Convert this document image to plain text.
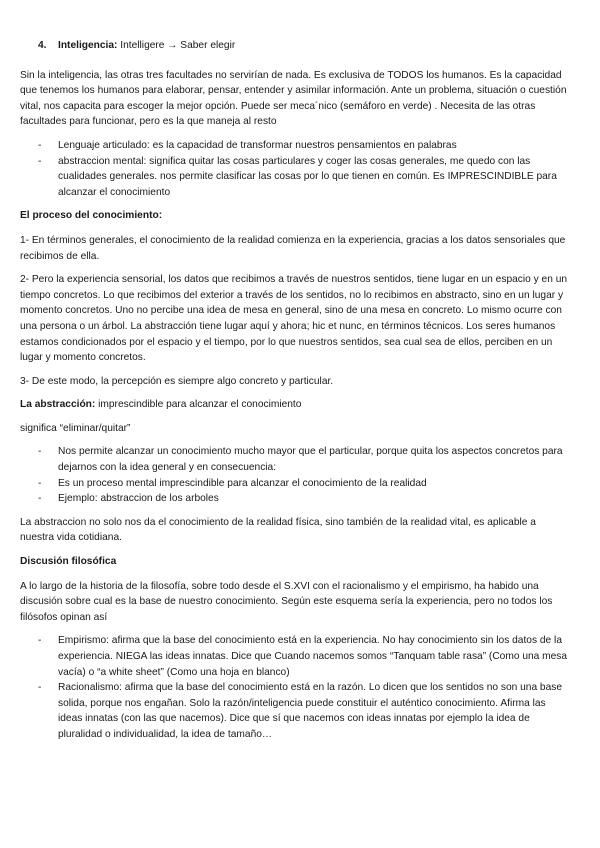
4. Inteligencia: Intelligere → Saber elegir

Sin la inteligencia, las otras tres facultades no servirían de nada. Es exclusiva de TODOS los humanos. Es la capacidad que tenemos los humanos para elaborar, pensar, entender y asimilar información. Ante un problema, situación o cuestión vital, nos capacita para escoger la mejor opción. Puede ser meca´nico (semáforo en verde) . Necesita de las otras facultades para funcionar, pero es la que maneja al resto

- Lenguaje articulado: es la capacidad de transformar nuestros pensamientos en palabras
- abstraccion mental: significa quitar las cosas particulares y coger las cosas generales, me quedo con las cualidades generales. nos permite clasificar las cosas por lo que tienen en común. Es IMPRESCINDIBLE para alcanzar el conocimiento

El proceso del conocimiento:

1- En términos generales, el conocimiento de la realidad comienza en la experiencia, gracias a los datos sensoriales que recibimos de ella.

2- Pero la experiencia sensorial, los datos que recibimos a través de nuestros sentidos, tiene lugar en un espacio y en un tiempo concretos. Lo que recibimos del exterior a través de los sentidos, no lo recibimos en abstracto, sino en un lugar y momento concretos. Uno no percibe una idea de mesa en general, sino de una mesa en concreto. Lo mismo ocurre con una persona o un árbol. La abstracción tiene lugar aquí y ahora; hic et nunc, en términos técnicos. Los seres humanos estamos condicionados por el espacio y el tiempo, por lo que nuestros sentidos, sea cual sea de ellos, perciben en un lugar y momento concretos.

3- De este modo, la percepción es siempre algo concreto y particular.

La abstracción: imprescindible para alcanzar el conocimiento

significa “eliminar/quitar”

- Nos permite alcanzar un conocimiento mucho mayor que el particular, porque quita los aspectos concretos para dejarnos con la idea general y en consecuencia:
- Es un proceso mental imprescindible para alcanzar el conocimiento de la realidad
- Ejemplo: abstraccion de los arboles

La abstraccion no solo nos da el conocimiento de la realidad física, sino también de la realidad vital, es aplicable a nuestra vida cotidiana.

Discusión filosófica

A lo largo de la historia de la filosofía, sobre todo desde el S.XVI con el racionalismo y el empirismo, ha habido una discusión sobre cual es la base de nuestro conocimiento. Según este esquema sería la experiencia, pero no todos los filósofos opinan así

- Empirismo: afirma que la base del conocimiento está en la experiencia. No hay conocimiento sin los datos de la experiencia. NIEGA las ideas innatas. Dice que Cuando nacemos somos “Tanquam table rasa” (Como una mesa vacía) o “a white sheet” (Como una hoja en blanco)
- Racionalismo: afirma que la base del conocimiento está en la razón. Lo dicen que los sentidos no son una base solida, porque nos engañan. Solo la razón/inteligencia puede constituir el auténtico conocimiento. Afirma las ideas innatas (con las que nacemos). Dice que sí que nacemos con ideas innatas por ejemplo la idea de pluralidad o individualidad, la idea de tamaño…
